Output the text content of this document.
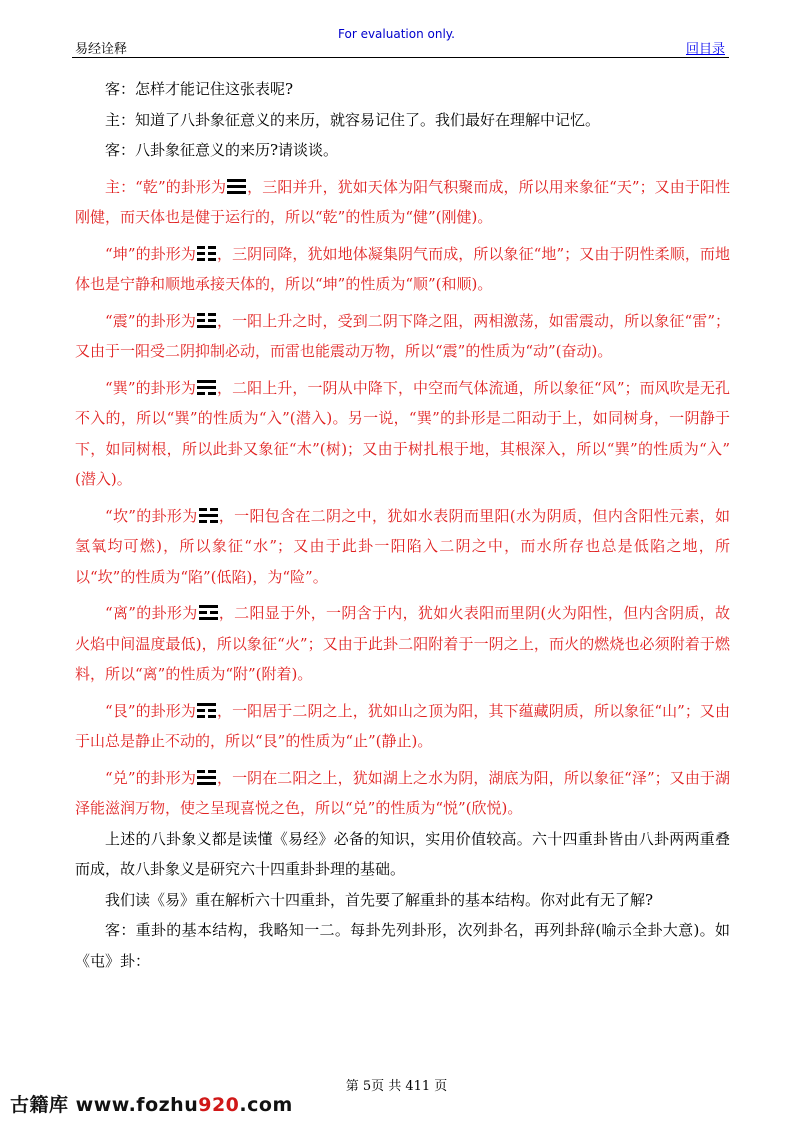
For evaluation only.
易经诠释	回目录

客：怎样才能记住这张表呢?

主：知道了八卦象征意义的来历，就容易记住了。我们最好在理解中记忆。

客：八卦象征意义的来历?请谈谈。

主：“乾”的卦形为 ，三阳并升，犹如天体为阳气积聚而成，所以用来象征“天”；又由于阳性刚健，而天体也是健于运行的，所以“乾”的性质为“健”(刚健)。

“坤”的卦形为 ，三阴同降，犹如地体凝集阴气而成，所以象征“地”；又由于阴性柔顺，而地体也是宁静和顺地承接天体的，所以“坤”的性质为“顺”(和顺)。

“震”的卦形为 ，一阳上升之时，受到二阴下降之阻，两相激荡，如雷震动，所以象征“雷”；又由于一阳受二阴抑制必动，而雷也能震动万物，所以“震”的性质为“动”(奋动)。

“巽”的卦形为 ，二阳上升，一阴从中降下，中空而气体流通，所以象征“风”；而风吹是无孔不入的，所以“巽”的性质为“入”(潜入)。另一说，“巽”的卦形是二阳动于上，如同树身，一阴静于下，如同树根，所以此卦又象征“木”(树)；又由于树扎根于地，其根深入，所以“巽”的性质为“入”　(潜入)。

“坎”的卦形为 ，一阳包含在二阴之中，犹如水表阴而里阳(水为阴质，但内含阳性元素，如氢氧均可燃)，所以象征“水”；又由于此卦一阳陷入二阴之中，而水所存也总是低陷之地，所以“坎”的性质为“陷”(低陷)，为“险”。

“离”的卦形为 ，二阳显于外，一阴含于内，犹如火表阳而里阴(火为阳性，但内含阴质，故火焰中间温度最低)，所以象征“火”；又由于此卦二阳附着于一阴之上，而火的燃烧也必须附着于燃料，所以“离”的性质为“附”(附着)。

“艮”的卦形为 ，一阳居于二阴之上，犹如山之顶为阳，其下蕴藏阴质，所以象征“山”；又由于山总是静止不动的，所以“艮”的性质为“止”(静止)。

“兑”的卦形为 ，一阴在二阳之上，犹如湖上之水为阴，湖底为阳，所以象征“泽”；又由于湖泽能滋润万物，使之呈现喜悦之色，所以“兑”的性质为“悦”(欣悦)。

上述的八卦象义都是读懂《易经》必备的知识，实用价值较高。六十四重卦皆由八卦两两重叠而成，故八卦象义是研究六十四重卦卦理的基础。

我们读《易》重在解析六十四重卦，首先要了解重卦的基本结构。你对此有无了解?

客：重卦的基本结构，我略知一二。每卦先列卦形，次列卦名，再列卦辞(喻示全卦大意)。如《屯》卦：

第 5页 共 411 页
古籍库 www.fozhu920.com
